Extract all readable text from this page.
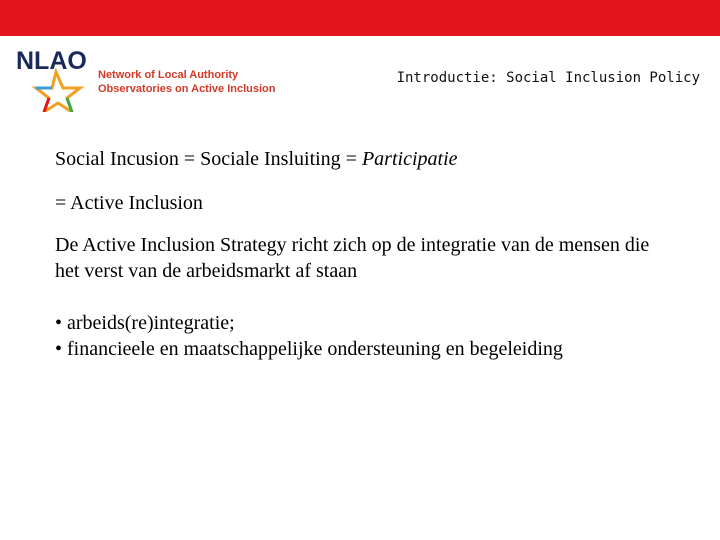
NLAO Network of Local Authority
Observatories on Active Inclusion
Introductie: Social Inclusion Policy

Social Incusion = Sociale Insluiting = Participatie

= Active Inclusion

De Active Inclusion Strategy richt zich op de integratie van de mensen die het verst van de arbeidsmarkt af staan

• arbeids(re)integratie;
• financieele en maatschappelijke ondersteuning en begeleiding
